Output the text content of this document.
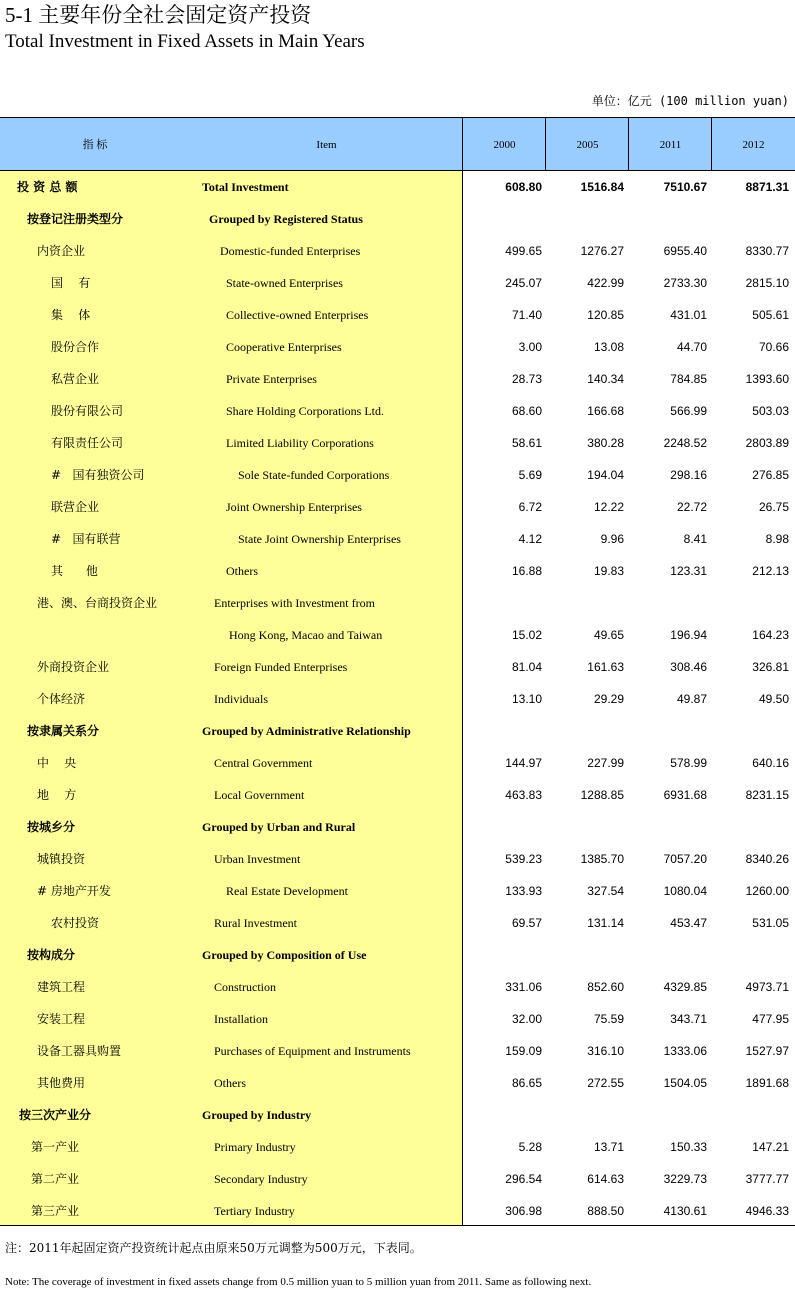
5-1 主要年份全社会固定资产投资
Total Investment in Fixed Assets in Main Years
单位：亿元 (100 million yuan)
指 标	Item	2000	2005	2011	2012
投 资 总 额	Total Investment	608.80	1516.84	7510.67	8871.31
按登记注册类型分	Grouped by Registered Status
内资企业	Domestic-funded Enterprises	499.65	1276.27	6955.40	8330.77
国    有	State-owned Enterprises	245.07	422.99	2733.30	2815.10
集    体	Collective-owned Enterprises	71.40	120.85	431.01	505.61
股份合作	Cooperative Enterprises	3.00	13.08	44.70	70.66
私营企业	Private Enterprises	28.73	140.34	784.85	1393.60
股份有限公司	Share Holding Corporations Ltd.	68.60	166.68	566.99	503.03
有限责任公司	Limited Liability Corporations	58.61	380.28	2248.52	2803.89
#   国有独资公司	Sole State-funded Corporations	5.69	194.04	298.16	276.85
联营企业	Joint Ownership Enterprises	6.72	12.22	22.72	26.75
#   国有联营	State Joint Ownership Enterprises	4.12	9.96	8.41	8.98
其      他	Others	16.88	19.83	123.31	212.13
港、澳、台商投资企业	Enterprises with Investment from
Hong Kong, Macao and Taiwan	15.02	49.65	196.94	164.23
外商投资企业	Foreign Funded Enterprises	81.04	161.63	308.46	326.81
个体经济	Individuals	13.10	29.29	49.87	49.50
按隶属关系分	Grouped by Administrative Relationship
中    央	Central Government	144.97	227.99	578.99	640.16
地    方	Local Government	463.83	1288.85	6931.68	8231.15
按城乡分	Grouped by Urban and Rural
城镇投资	Urban Investment	539.23	1385.70	7057.20	8340.26
# 房地产开发	Real Estate Development	133.93	327.54	1080.04	1260.00
农村投资	Rural Investment	69.57	131.14	453.47	531.05
按构成分	Grouped by Composition of Use
建筑工程	Construction	331.06	852.60	4329.85	4973.71
安装工程	Installation	32.00	75.59	343.71	477.95
设备工器具购置	Purchases of Equipment and Instruments	159.09	316.10	1333.06	1527.97
其他费用	Others	86.65	272.55	1504.05	1891.68
按三次产业分	Grouped by Industry
第一产业	Primary Industry	5.28	13.71	150.33	147.21
第二产业	Secondary Industry	296.54	614.63	3229.73	3777.77
第三产业	Tertiary Industry	306.98	888.50	4130.61	4946.33
注：2011年起固定资产投资统计起点由原来50万元调整为500万元，下表同。
Note: The coverage of investment in fixed assets change from 0.5 million yuan to 5 million yuan from 2011. Same as following next.
